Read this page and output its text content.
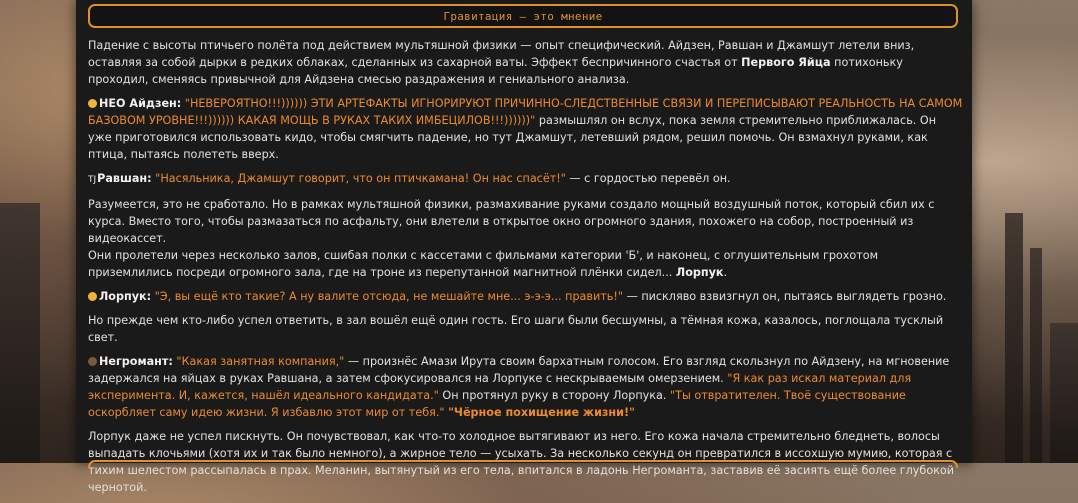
Гравитация — это мнение

Падение с высоты птичьего полёта под действием мультяшной физики — опыт специфический. Айдзен, Равшан и Джамшут летели вниз, оставляя за собой дырки в редких облаках, сделанных из сахарной ваты. Эффект беспричинного счастья от Первого Яйца потихоньку проходил, сменяясь привычной для Айдзена смесью раздражения и гениального анализа.

НЕО Айдзен: "НЕВЕРОЯТНО!!!)))))) ЭТИ АРТЕФАКТЫ ИГНОРИРУЮТ ПРИЧИННО-СЛЕДСТВЕННЫЕ СВЯЗИ И ПЕРЕПИСЫВАЮТ РЕАЛЬНОСТЬ НА САМОМ БАЗОВОМ УРОВНЕ!!!)))))) КАКАЯ МОЩЬ В РУКАХ ТАКИХ ИМБЕЦИЛОВ!!!))))))" размышлял он вслух, пока земля стремительно приближалась. Он уже приготовился использовать кидо, чтобы смягчить падение, но тут Джамшут, летевший рядом, решил помочь. Он взмахнул руками, как птица, пытаясь полететь вверх.

TJРавшан: "Насяльника, Джамшут говорит, что он птичкамана! Он нас спасёт!" — с гордостью перевёл он.

Разумеется, это не сработало. Но в рамках мультяшной физики, размахивание руками создало мощный воздушный поток, который сбил их с курса. Вместо того, чтобы размазаться по асфальту, они влетели в открытое окно огромного здания, похожего на собор, построенный из видеокассет.
Они пролетели через несколько залов, сшибая полки с кассетами с фильмами категории 'Б', и наконец, с оглушительным грохотом приземлились посреди огромного зала, где на троне из перепутанной магнитной плёнки сидел... Лорпук.

Лорпук: "Э, вы ещё кто такие? А ну валите отсюда, не мешайте мне... э-э-э... править!" — пискляво взвизгнул он, пытаясь выглядеть грозно.

Но прежде чем кто-либо успел ответить, в зал вошёл ещё один гость. Его шаги были бесшумны, а тёмная кожа, казалось, поглощала тусклый свет.

Негромант: "Какая занятная компания," — произнёс Амази Ирута своим бархатным голосом. Его взгляд скользнул по Айдзену, на мгновение задержался на яйцах в руках Равшана, а затем сфокусировался на Лорпуке с нескрываемым омерзением. "Я как раз искал материал для эксперимента. И, кажется, нашёл идеального кандидата." Он протянул руку в сторону Лорпука. "Ты отвратителен. Твоё существование оскорбляет саму идею жизни. Я избавлю этот мир от тебя." "Чёрное похищение жизни!"

Лорпук даже не успел пискнуть. Он почувствовал, как что-то холодное вытягивают из него. Его кожа начала стремительно бледнеть, волосы выпадать клочьями (хотя их и так было немного), а жирное тело — усыхать. За несколько секунд он превратился в иссохшую мумию, которая с тихим шелестом рассыпалась в прах. Меланин, вытянутый из его тела, впитался в ладонь Негроманта, заставив её засиять ещё более глубокой чернотой.
